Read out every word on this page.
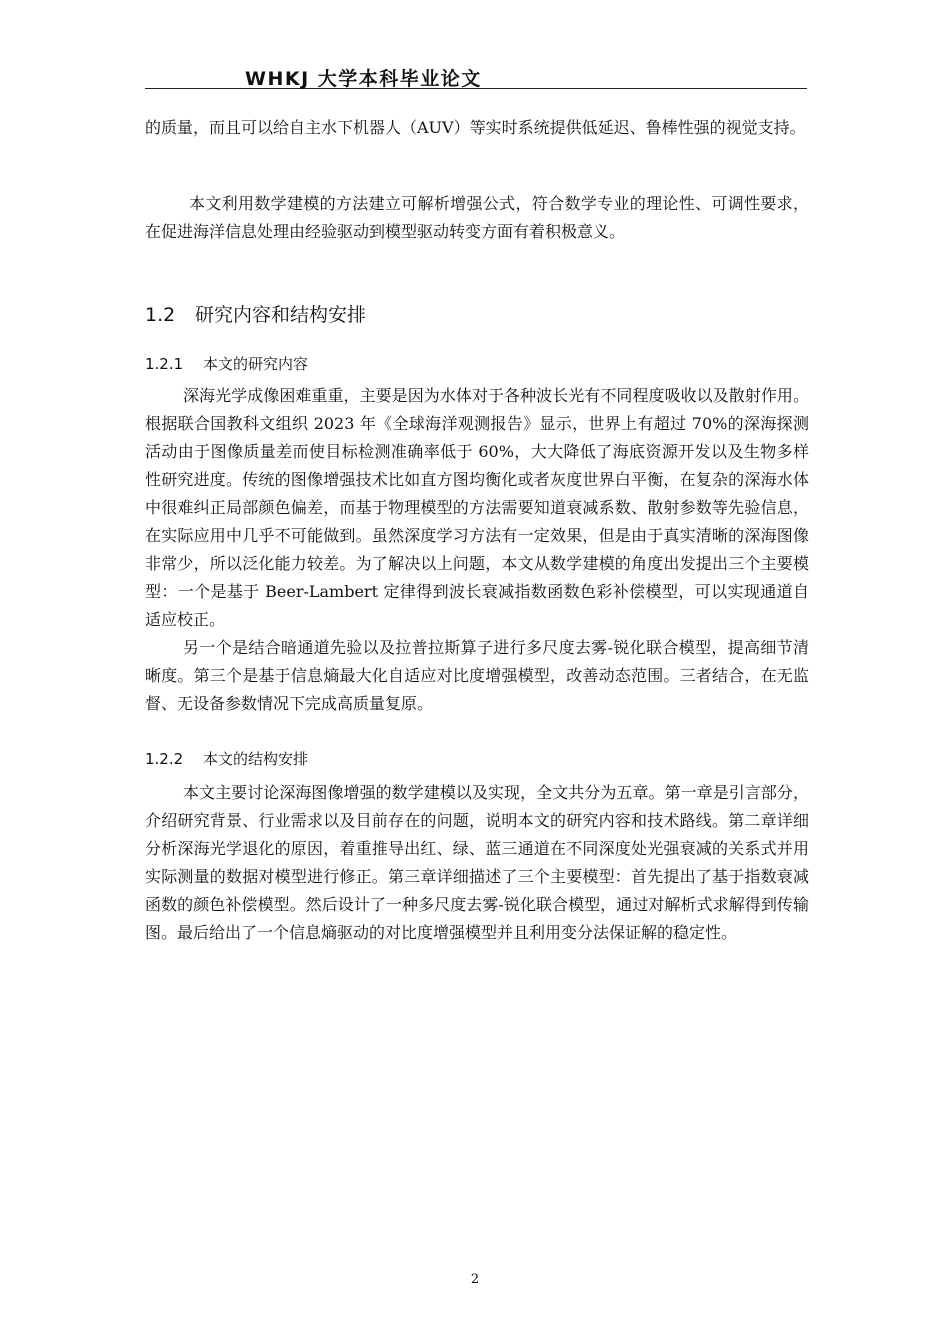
WHKJ 大学本科毕业论文

的质量，而且可以给自主水下机器人（AUV）等实时系统提供低延迟、鲁棒性强的视觉支持。

本文利用数学建模的方法建立可解析增强公式，符合数学专业的理论性、可调性要求，在促进海洋信息处理由经验驱动到模型驱动转变方面有着积极意义。

1.2 研究内容和结构安排
1.2.1 本文的研究内容

深海光学成像困难重重，主要是因为水体对于各种波长光有不同程度吸收以及散射作用。根据联合国教科文组织 2023 年《全球海洋观测报告》显示，世界上有超过 70%的深海探测活动由于图像质量差而使目标检测准确率低于 60%，大大降低了海底资源开发以及生物多样性研究进度。传统的图像增强技术比如直方图均衡化或者灰度世界白平衡，在复杂的深海水体中很难纠正局部颜色偏差，而基于物理模型的方法需要知道衰减系数、散射参数等先验信息，在实际应用中几乎不可能做到。虽然深度学习方法有一定效果，但是由于真实清晰的深海图像非常少，所以泛化能力较差。为了解决以上问题，本文从数学建模的角度出发提出三个主要模型：一个是基于 Beer-Lambert 定律得到波长衰减指数函数色彩补偿模型，可以实现通道自适应校正。

另一个是结合暗通道先验以及拉普拉斯算子进行多尺度去雾-锐化联合模型，提高细节清晰度。第三个是基于信息熵最大化自适应对比度增强模型，改善动态范围。三者结合，在无监督、无设备参数情况下完成高质量复原。

1.2.2 本文的结构安排

本文主要讨论深海图像增强的数学建模以及实现，全文共分为五章。第一章是引言部分，介绍研究背景、行业需求以及目前存在的问题，说明本文的研究内容和技术路线。第二章详细分析深海光学退化的原因，着重推导出红、绿、蓝三通道在不同深度处光强衰减的关系式并用实际测量的数据对模型进行修正。第三章详细描述了三个主要模型：首先提出了基于指数衰减函数的颜色补偿模型。然后设计了一种多尺度去雾-锐化联合模型，通过对解析式求解得到传输图。最后给出了一个信息熵驱动的对比度增强模型并且利用变分法保证解的稳定性。

2
